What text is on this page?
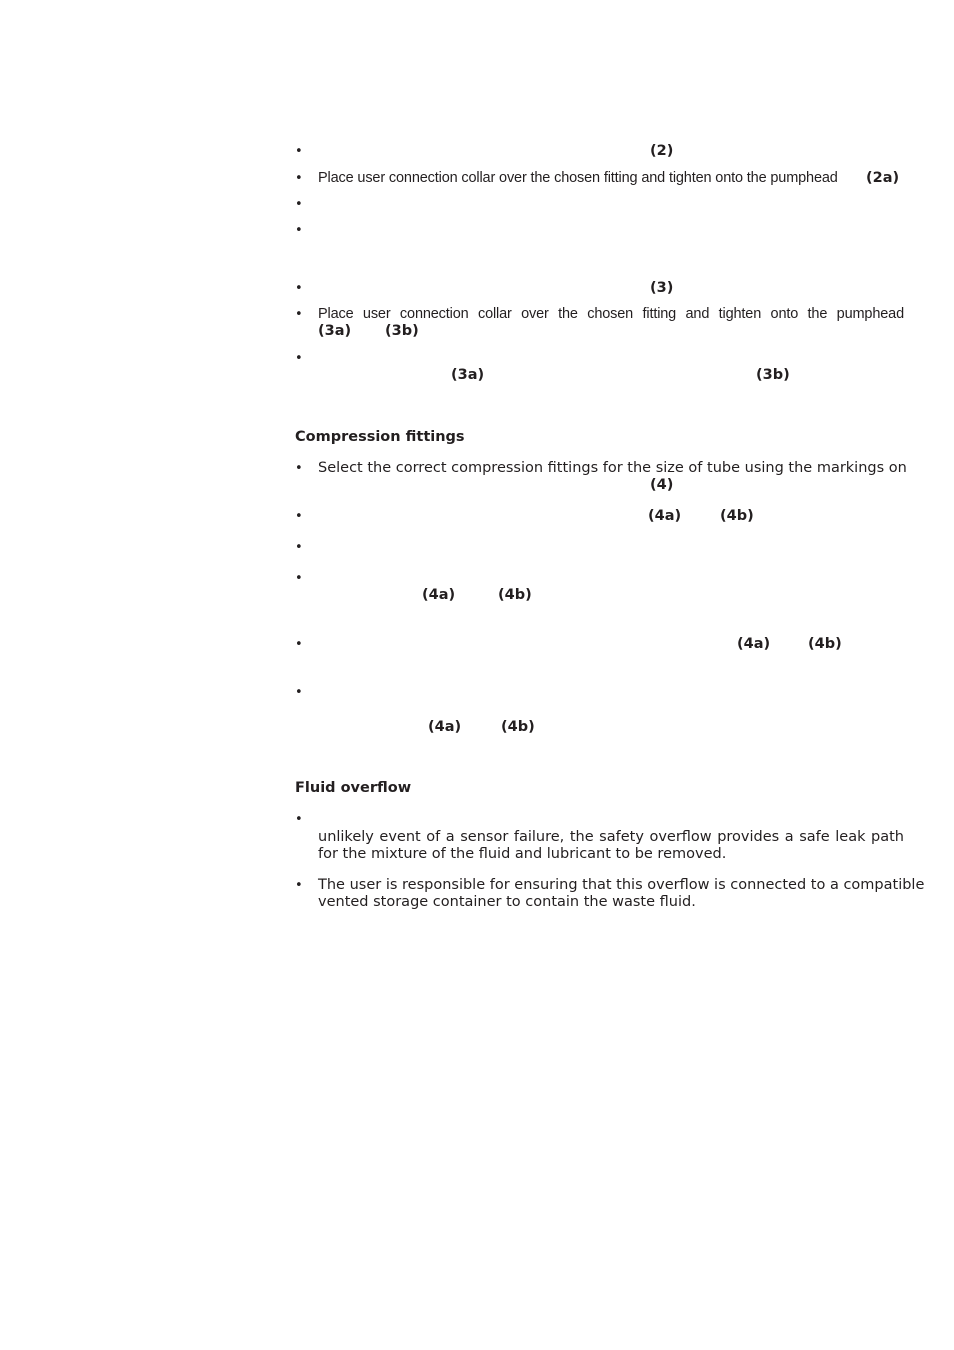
•	(2)
• Place user connection collar over the chosen fitting and tighten onto the pumphead (2a)
•
•
•	(3)
• Place user connection collar over the chosen fitting and tighten onto the pumphead
(3a) (3b)
•
(3a)	(3b)
Compression fittings
• Select the correct compression fittings for the size of tube using the markings on
(4)
•	(4a)	(4b)
•
•
(4a)	(4b)
•	(4a)	(4b)
•
(4a)	(4b)
Fluid overflow
•
unlikely event of a sensor failure, the safety overflow provides a safe leak path
for the mixture of the fluid and lubricant to be removed.
• The user is responsible for ensuring that this overflow is connected to a compatible
vented storage container to contain the waste fluid.
